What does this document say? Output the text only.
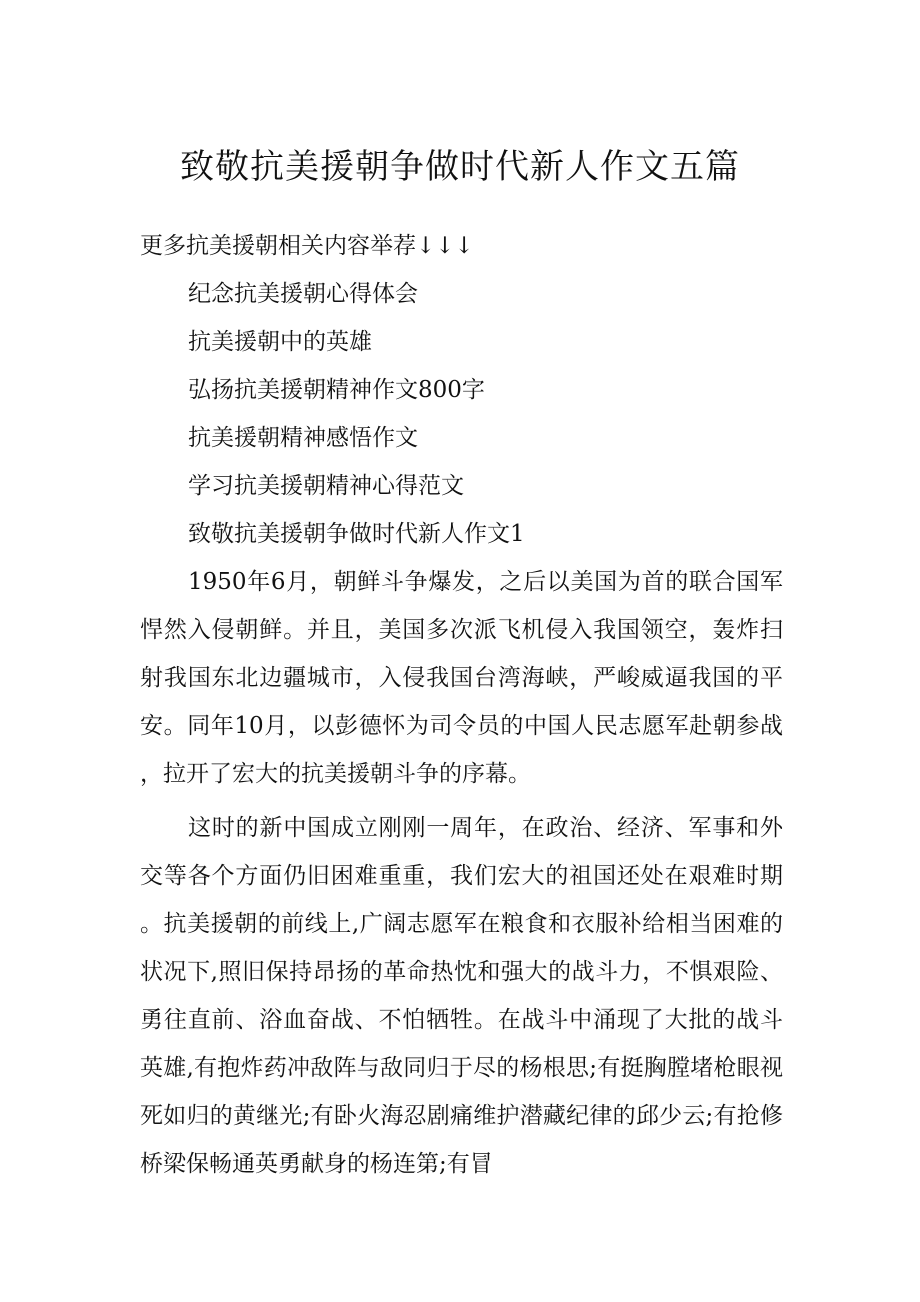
致敬抗美援朝争做时代新人作文五篇

更多抗美援朝相关内容举荐↓↓↓

纪念抗美援朝心得体会

抗美援朝中的英雄

弘扬抗美援朝精神作文800字

抗美援朝精神感悟作文

学习抗美援朝精神心得范文

致敬抗美援朝争做时代新人作文1

1950年6月，朝鲜斗争爆发，之后以美国为首的联合国军悍然入侵朝鲜。并且，美国多次派飞机侵入我国领空，轰炸扫射我国东北边疆城市，入侵我国台湾海峡，严峻威逼我国的平安。同年10月，以彭德怀为司令员的中国人民志愿军赴朝参战，拉开了宏大的抗美援朝斗争的序幕。

这时的新中国成立刚刚一周年，在政治、经济、军事和外交等各个方面仍旧困难重重，我们宏大的祖国还处在艰难时期。抗美援朝的前线上,广阔志愿军在粮食和衣服补给相当困难的状况下,照旧保持昂扬的革命热忱和强大的战斗力，不惧艰险、勇往直前、浴血奋战、不怕牺牲。在战斗中涌现了大批的战斗英雄,有抱炸药冲敌阵与敌同归于尽的杨根思;有挺胸膛堵枪眼视死如归的黄继光;有卧火海忍剧痛维护潜藏纪律的邱少云;有抢修桥梁保畅通英勇献身的杨连第;有冒
